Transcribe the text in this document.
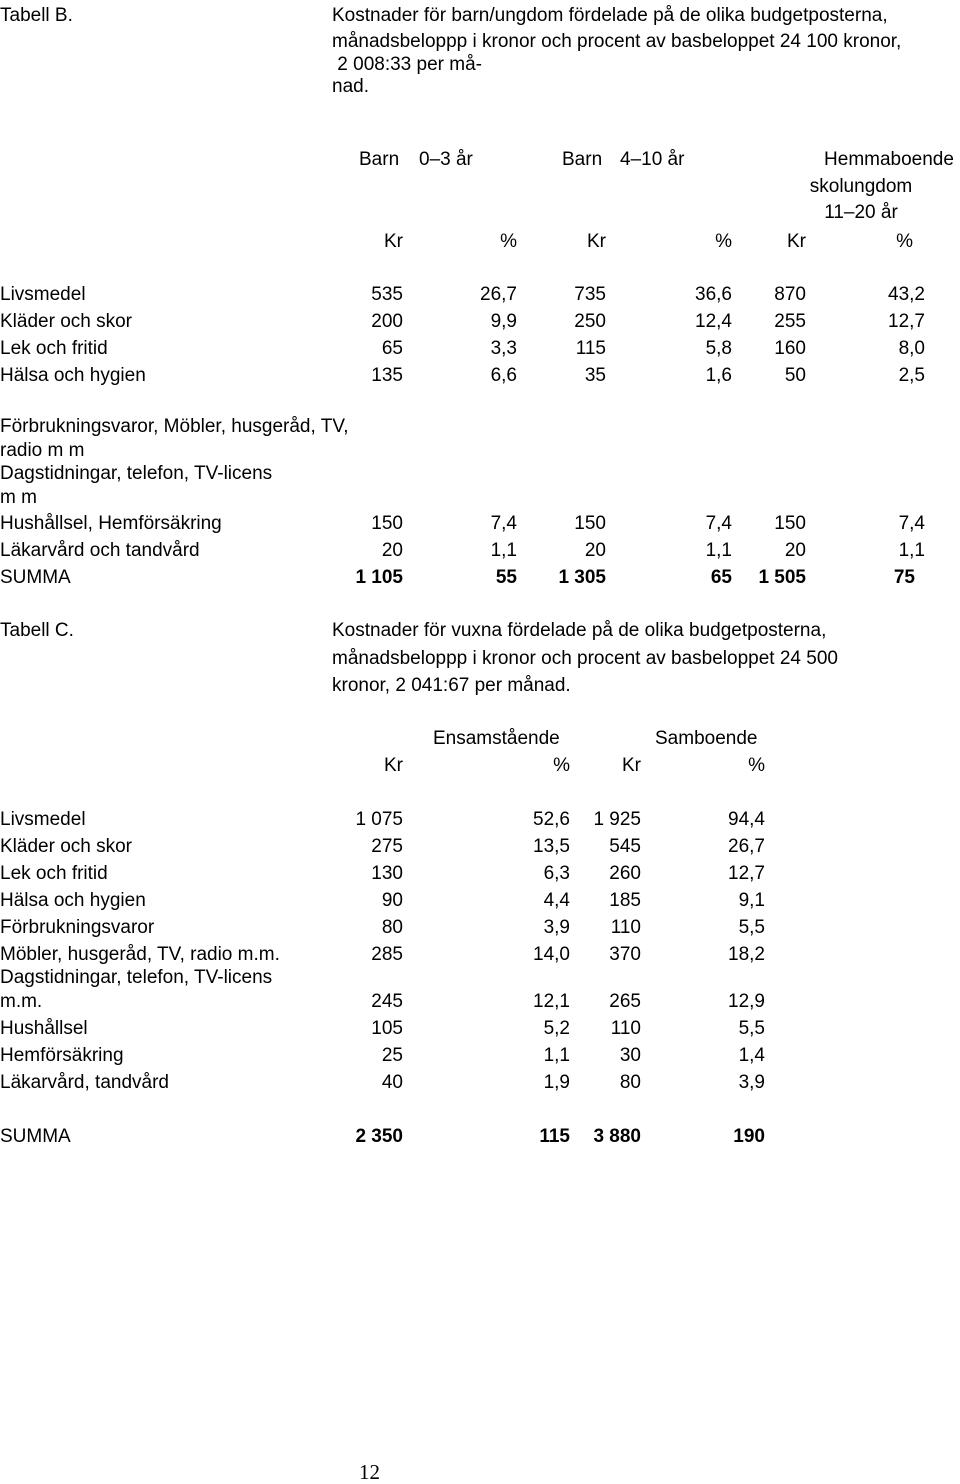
Tabell B.	Kostnader för barn/ungdom fördelade på de olika budgetposterna,
månadsbeloppp i kronor och procent av basbeloppet 24 100 kronor,
2 008:33 per må-
nad.
Barn 0–3 år	Barn 4–10 år	Hemmaboende
skolungdom
11–20 år
Kr	%	Kr	%	Kr	%
Livsmedel	535	26,7	735	36,6	870	43,2
Kläder och skor	200	9,9	250	12,4	255	12,7
Lek och fritid	65	3,3	115	5,8	160	8,0
Hälsa och hygien	135	6,6	35	1,6	50	2,5
Förbrukningsvaror, Möbler, husgeråd, TV,
radio m m
Dagstidningar, telefon, TV-licens
m m
Hushållsel, Hemförsäkring	150	7,4	150	7,4	150	7,4
Läkarvård och tandvård	20	1,1	20	1,1	20	1,1
SUMMA	1 105	55	1 305	65	1 505	75
Tabell C.	Kostnader för vuxna fördelade på de olika budgetposterna,
månadsbeloppp i kronor och procent av basbeloppet 24 500
kronor, 2 041:67 per månad.
Ensamstående	Samboende
Kr	%	Kr	%
Livsmedel	1 075	52,6	1 925	94,4
Kläder och skor	275	13,5	545	26,7
Lek och fritid	130	6,3	260	12,7
Hälsa och hygien	90	4,4	185	9,1
Förbrukningsvaror	80	3,9	110	5,5
Möbler, husgeråd, TV, radio m.m.	285	14,0	370	18,2
Dagstidningar, telefon, TV-licens
m.m.	245	12,1	265	12,9
Hushållsel	105	5,2	110	5,5
Hemförsäkring	25	1,1	30	1,4
Läkarvård, tandvård	40	1,9	80	3,9
SUMMA	2 350	115	3 880	190
12
